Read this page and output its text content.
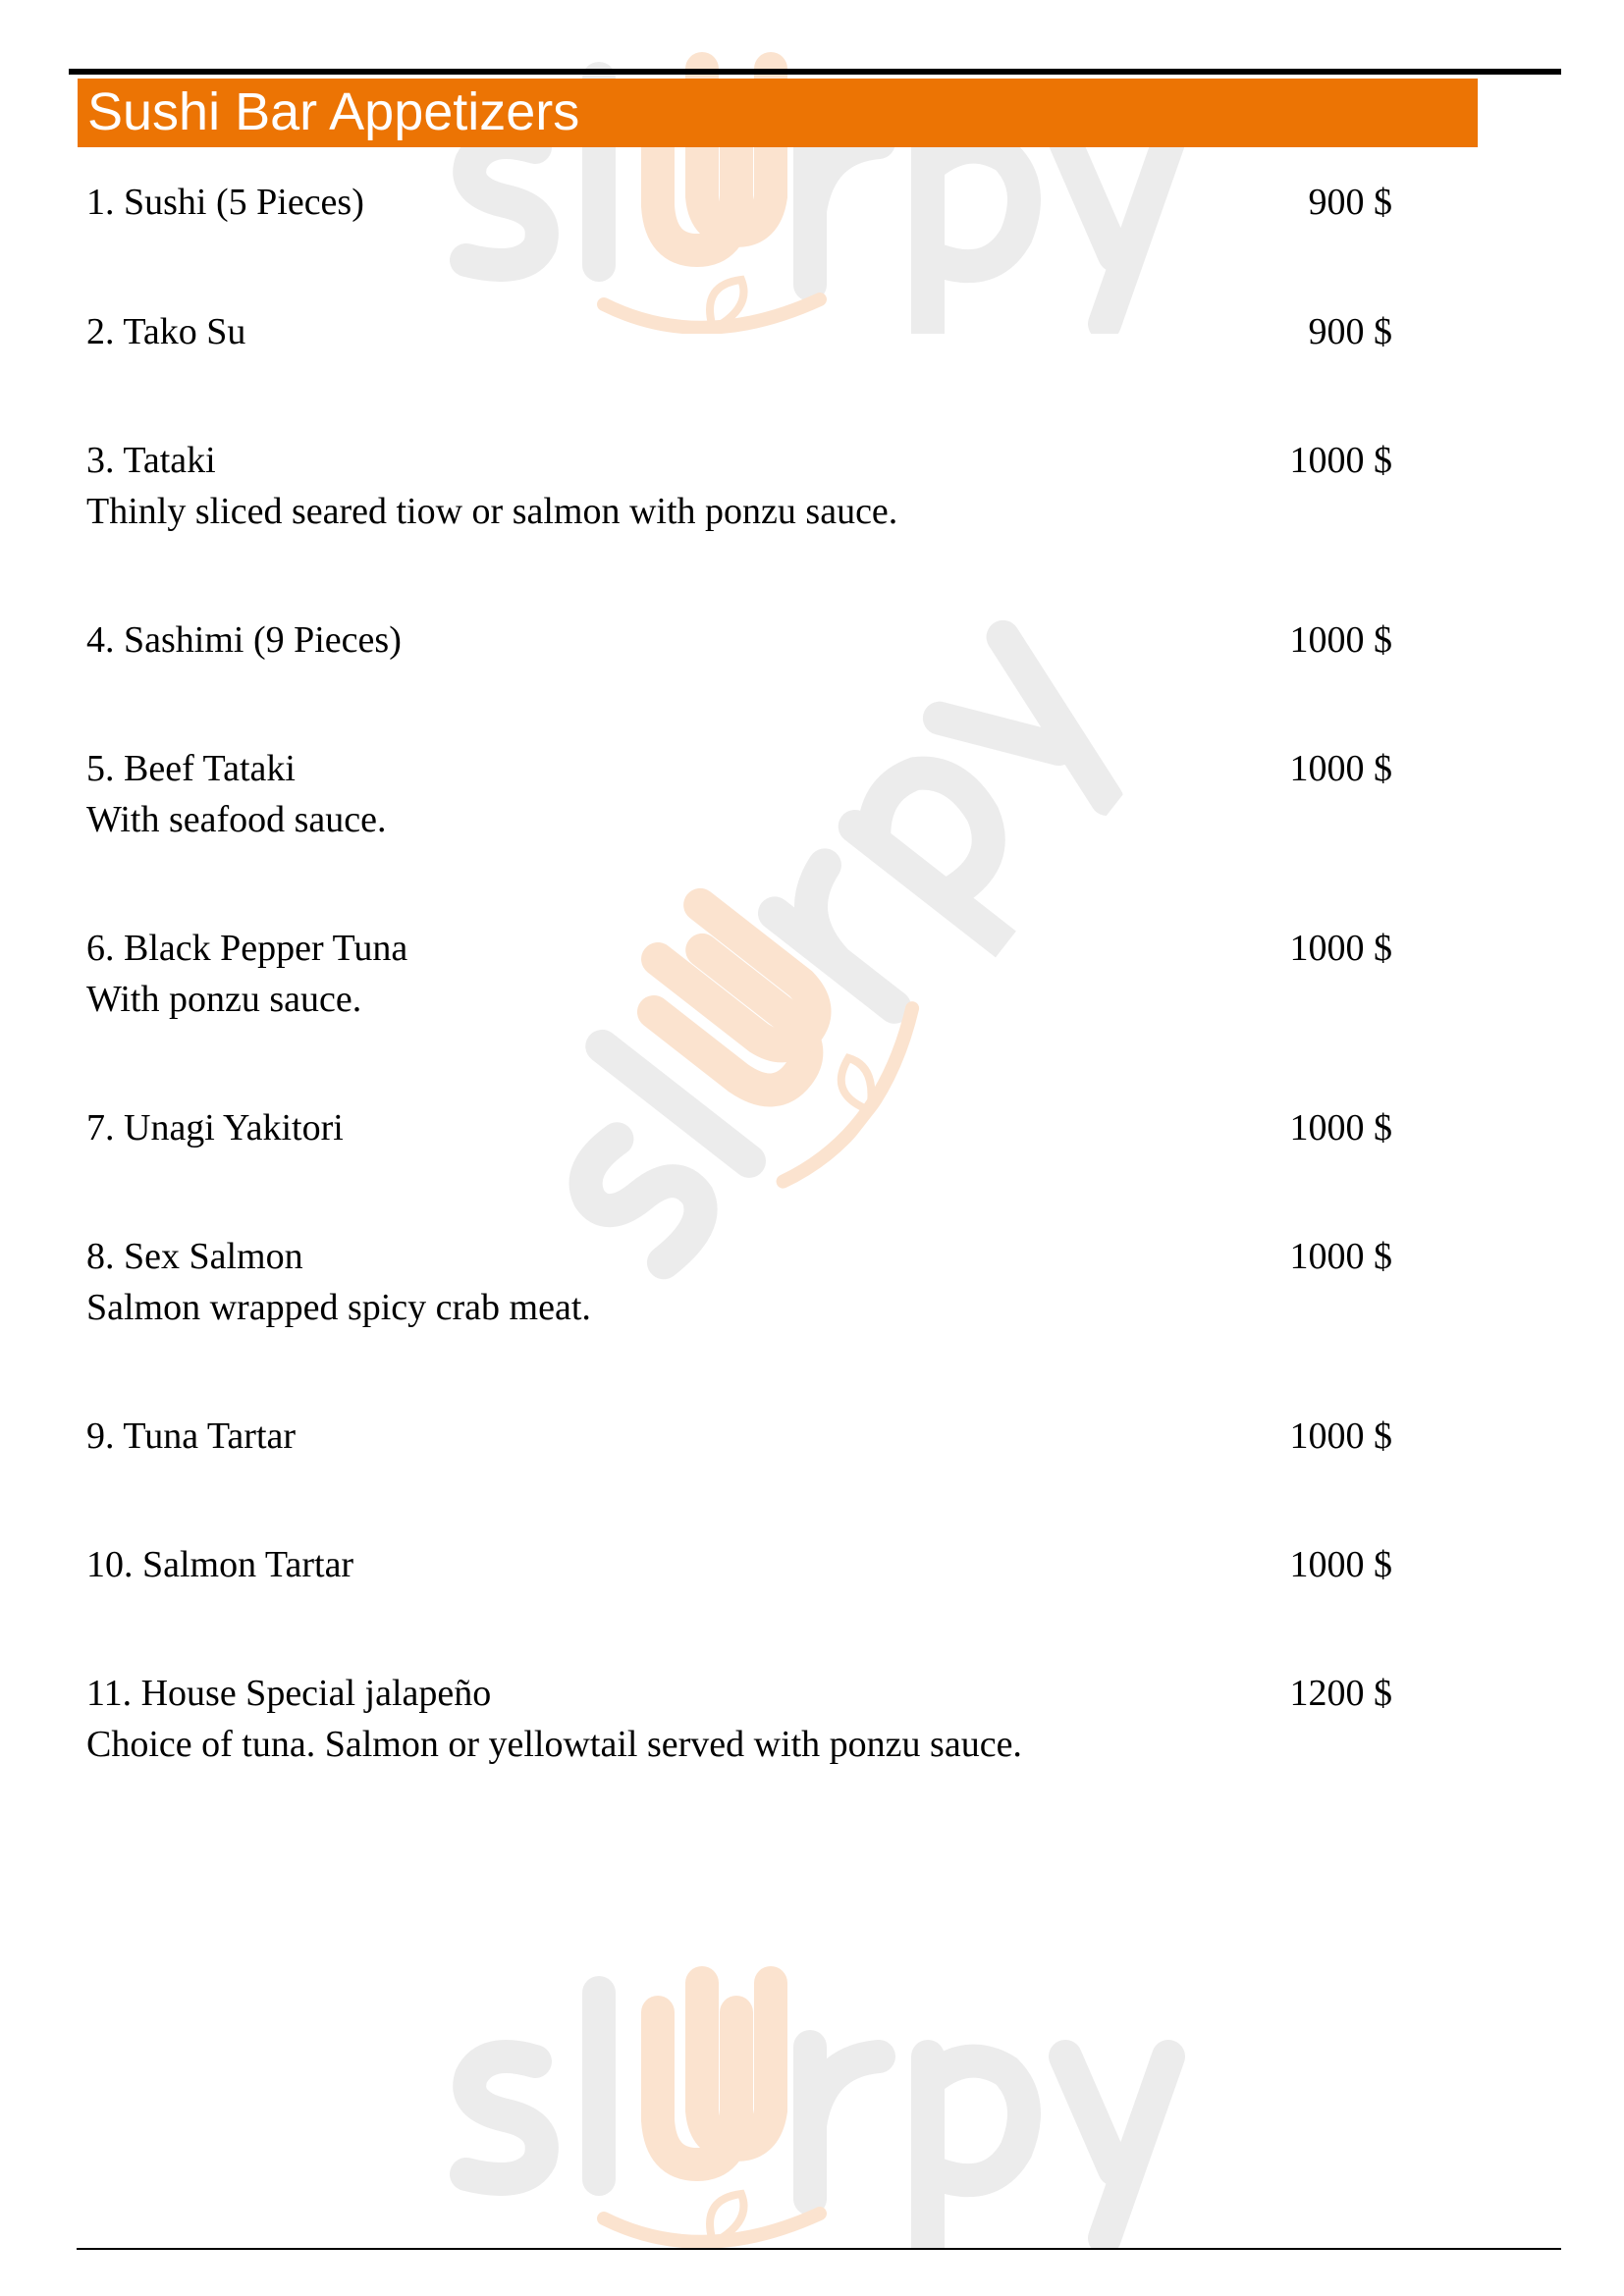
Sushi Bar Appetizers
1. Sushi (5 Pieces)	900 $
2. Tako Su	900 $
3. Tataki	1000 $
Thinly sliced seared tiow or salmon with ponzu sauce.
4. Sashimi (9 Pieces)	1000 $
5. Beef Tataki	1000 $
With seafood sauce.
6. Black Pepper Tuna	1000 $
With ponzu sauce.
7. Unagi Yakitori	1000 $
8. Sex Salmon	1000 $
Salmon wrapped spicy crab meat.
9. Tuna Tartar	1000 $
10. Salmon Tartar	1000 $
11. House Special jalapeño	1200 $
Choice of tuna. Salmon or yellowtail served with ponzu sauce.
